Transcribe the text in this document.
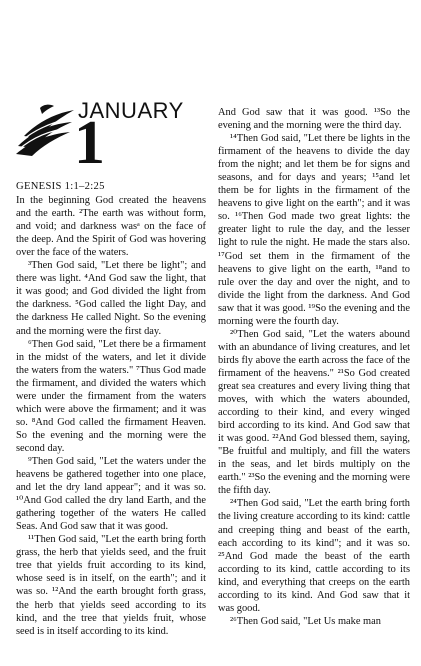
JANUARY
1
GENESIS 1:1–2:25

In the beginning God created the heavens and the earth. ²The earth was without form, and void; and darkness wasᵃ on the face of the deep. And the Spirit of God was hovering over the face of the waters.

³Then God said, "Let there be light"; and there was light. ⁴And God saw the light, that it was good; and God divided the light from the darkness. ⁵God called the light Day, and the darkness He called Night. So the evening and the morning were the first day.

⁶Then God said, "Let there be a firmament in the midst of the waters, and let it divide the waters from the waters." ⁷Thus God made the firmament, and divided the waters which were under the firmament from the waters which were above the firmament; and it was so. ⁸And God called the firmament Heaven. So the evening and the morning were the second day.

⁹Then God said, "Let the waters under the heavens be gathered together into one place, and let the dry land appear"; and it was so. ¹⁰And God called the dry land Earth, and the gathering together of the waters He called Seas. And God saw that it was good.

¹¹Then God said, "Let the earth bring forth grass, the herb that yields seed, and the fruit tree that yields fruit according to its kind, whose seed is in itself, on the earth"; and it was so. ¹²And the earth brought forth grass, the herb that yields seed according to its kind, and the tree that yields fruit, whose seed is in itself according to its kind.

And God saw that it was good. ¹³So the evening and the morning were the third day.

¹⁴Then God said, "Let there be lights in the firmament of the heavens to divide the day from the night; and let them be for signs and seasons, and for days and years; ¹⁵and let them be for lights in the firmament of the heavens to give light on the earth"; and it was so. ¹⁶Then God made two great lights: the greater light to rule the day, and the lesser light to rule the night. He made the stars also. ¹⁷God set them in the firmament of the heavens to give light on the earth, ¹⁸and to rule over the day and over the night, and to divide the light from the darkness. And God saw that it was good. ¹⁹So the evening and the morning were the fourth day.

²⁰Then God said, "Let the waters abound with an abundance of living creatures, and let birds fly above the earth across the face of the firmament of the heavens." ²¹So God created great sea creatures and every living thing that moves, with which the waters abounded, according to their kind, and every winged bird according to its kind. And God saw that it was good. ²²And God blessed them, saying, "Be fruitful and multiply, and fill the waters in the seas, and let birds multiply on the earth." ²³So the evening and the morning were the fifth day.

²⁴Then God said, "Let the earth bring forth the living creature according to its kind: cattle and creeping thing and beast of the earth, each according to its kind"; and it was so. ²⁵And God made the beast of the earth according to its kind, cattle according to its kind, and everything that creeps on the earth according to its kind. And God saw that it was good.

²⁶Then God said, "Let Us make man
